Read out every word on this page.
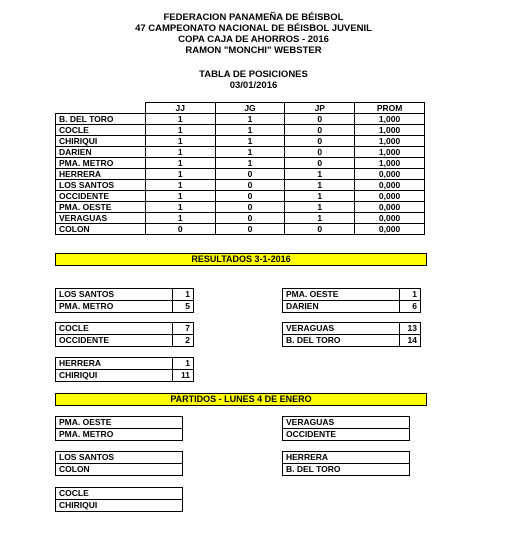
FEDERACION PANAMEÑA DE BÉISBOL
47 CAMPEONATO NACIONAL DE BÉISBOL JUVENIL
COPA CAJA DE AHORROS - 2016
RAMON "MONCHI" WEBSTER
TABLA DE POSICIONES
03/01/2016
	JJ	JG	JP	PROM
B. DEL TORO	1	1	0	1,000
COCLE	1	1	0	1,000
CHIRIQUI	1	1	0	1,000
DARIEN	1	1	0	1,000
PMA. METRO	1	1	0	1,000
HERRERA	1	0	1	0,000
LOS SANTOS	1	0	1	0,000
OCCIDENTE	1	0	1	0,000
PMA. OESTE	1	0	1	0,000
VERAGUAS	1	0	1	0,000
COLON	0	0	0	0,000
RESULTADOS 3-1-2016
LOS SANTOS	1
PMA. METRO	5
PMA. OESTE	1
DARIEN	6
COCLE	7
OCCIDENTE	2
VERAGUAS	13
B. DEL TORO	14
HERRERA	1
CHIRIQUI	11
PARTIDOS - LUNES 4 DE ENERO
PMA. OESTE
PMA. METRO
VERAGUAS
OCCIDENTE
LOS SANTOS
COLON
HERRERA
B. DEL TORO
COCLE
CHIRIQUI
